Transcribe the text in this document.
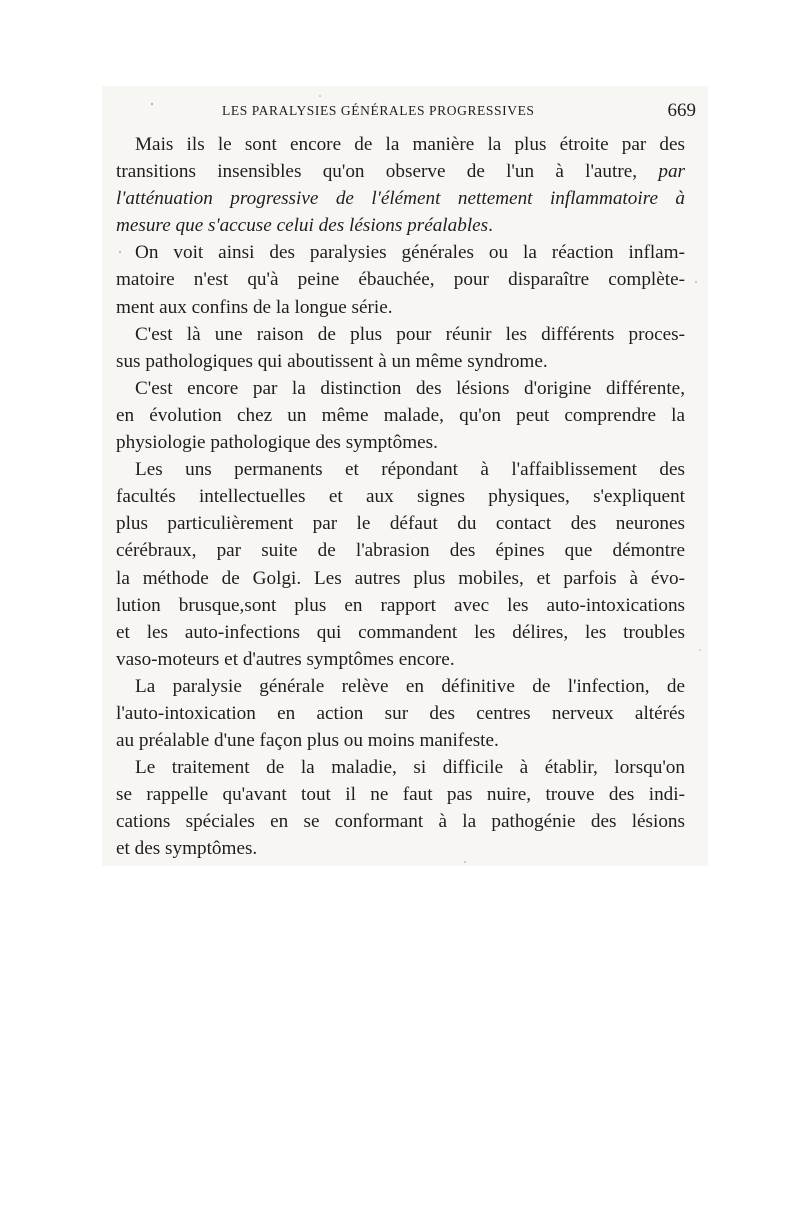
LES PARALYSIES GÉNÉRALES PROGRESSIVES	669
Mais ils le sont encore de la manière la plus étroite par des
transitions insensibles qu'on observe de l'un à l'autre, par
l'atténuation progressive de l'élément nettement inflammatoire à
mesure que s'accuse celui des lésions préalables.
On voit ainsi des paralysies générales ou la réaction inflam-
matoire n'est qu'à peine ébauchée, pour disparaître complète-
ment aux confins de la longue série.
C'est là une raison de plus pour réunir les différents proces-
sus pathologiques qui aboutissent à un même syndrome.
C'est encore par la distinction des lésions d'origine différente,
en évolution chez un même malade, qu'on peut comprendre la
physiologie pathologique des symptômes.
Les uns permanents et répondant à l'affaiblissement des
facultés intellectuelles et aux signes physiques, s'expliquent
plus particulièrement par le défaut du contact des neurones
cérébraux, par suite de l'abrasion des épines que démontre
la méthode de Golgi. Les autres plus mobiles, et parfois à évo-
lution brusque,sont plus en rapport avec les auto-intoxications
et les auto-infections qui commandent les délires, les troubles
vaso-moteurs et d'autres symptômes encore.
La paralysie générale relève en définitive de l'infection, de
l'auto-intoxication en action sur des centres nerveux altérés
au préalable d'une façon plus ou moins manifeste.
Le traitement de la maladie, si difficile à établir, lorsqu'on
se rappelle qu'avant tout il ne faut pas nuire, trouve des indi-
cations spéciales en se conformant à la pathogénie des lésions
et des symptômes.
